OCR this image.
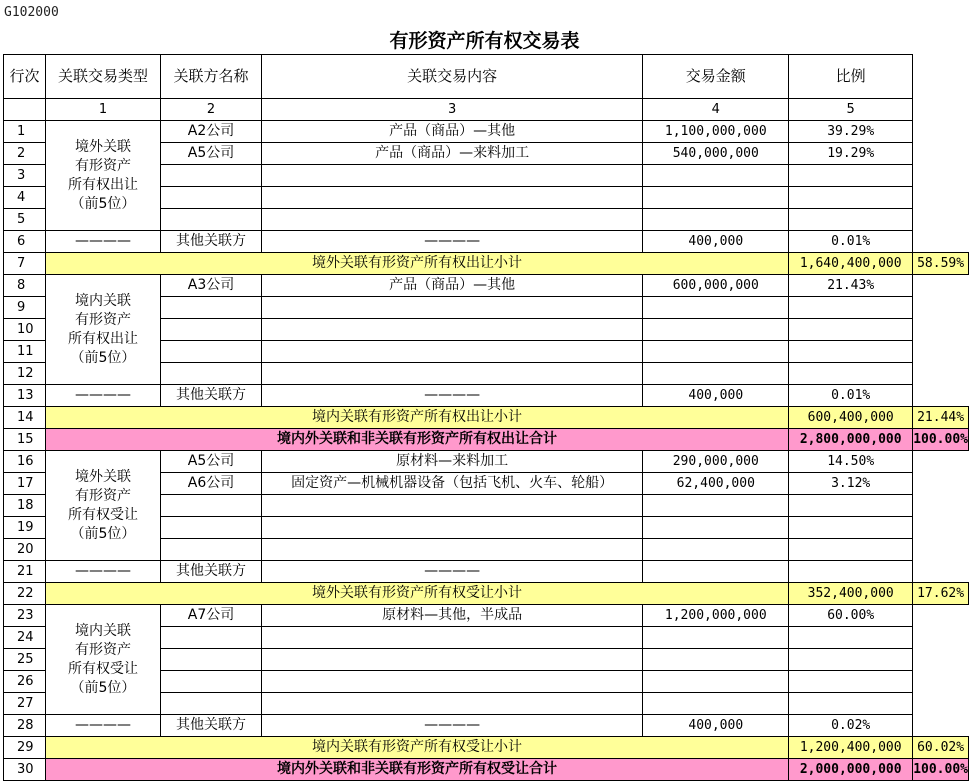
G102000
有形资产所有权交易表
行次	关联交易类型	关联方名称	关联交易内容	交易金额	比例	
	1	2	3	4	5	
1	境外关联
有形资产
所有权出让
（前5位）	A2公司	产品（商品）—其他	1,100,000,000	39.29%	
2		A5公司	产品（商品）—来料加工	540,000,000	19.29%	
3						
4						
5						
6	————	其他关联方	————	400,000	0.01%	
7	境外关联有形资产所有权出让小计				1,640,400,000	58.59%
8	境内关联
有形资产
所有权出让
（前5位）	A3公司	产品（商品）—其他	600,000,000	21.43%	
9						
10						
11						
12						
13	————	其他关联方	————	400,000	0.01%	
14	境内关联有形资产所有权出让小计				600,400,000	21.44%
15	境内外关联和非关联有形资产所有权出让合计				2,800,000,000	100.00%
16	境外关联
有形资产
所有权受让
（前5位）	A5公司	原材料—来料加工	290,000,000	14.50%	
17		A6公司	固定资产—机械机器设备（包括飞机、火车、轮船）	62,400,000	3.12%	
18						
19						
20						
21	————	其他关联方	————			
22	境外关联有形资产所有权受让小计				352,400,000	17.62%
23	境内关联
有形资产
所有权受让
（前5位）	A7公司	原材料—其他，半成品	1,200,000,000	60.00%	
24						
25						
26						
27						
28	————	其他关联方	————	400,000	0.02%	
29	境内关联有形资产所有权受让小计				1,200,400,000	60.02%
30	境内外关联和非关联有形资产所有权受让合计				2,000,000,000	100.00%
